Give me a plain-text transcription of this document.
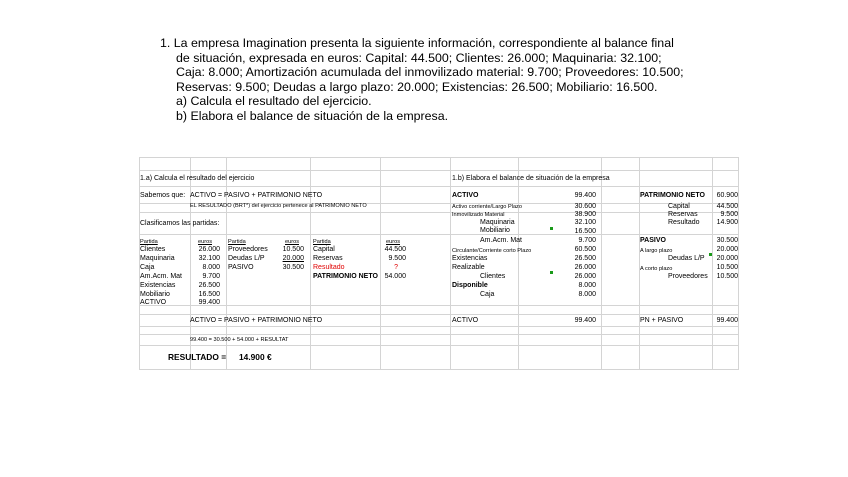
1. La empresa Imagination presenta la siguiente información, correspondiente al balance final
de situación, expresada en euros: Capital: 44.500; Clientes: 26.000; Maquinaria: 32.100;
Caja: 8.000; Amortización acumulada del inmovilizado material: 9.700; Proveedores: 10.500;
Reservas: 9.500; Deudas a largo plazo: 20.000; Existencias: 26.500; Mobiliario: 16.500.
a) Calcula el resultado del ejercicio.
b) Elabora el balance de situación de la empresa.
1.a) Calcula el resultado del ejercicio
Sabemos que: ACTIVO = PASIVO + PATRIMONIO NETO
EL RESULTADO (BRT*) del ejercicio pertenece al PATRIMONIO NETO
Clasificamos las partidas:
Partida	euros
Clientes	26.000
Maquinaria	32.100
Caja	8.000
Am.Acm. Mat	9.700
Existencias	26.500
Mobiliario	16.500
ACTIVO	99.400
Partida	euros
Proveedores	10.500
Deudas L/P	20.000
PASIVO	30.500
Partida	euros
Capital	44.500
Reservas	9.500
Resultado	?
PATRIMONIO NETO 54.000
ACTIVO = PASIVO + PATRIMONIO NETO
99.400 = 30.500 + 54.000 + RESULTAT
RESULTADO = 14.900 €
1.b) Elabora el balance de situación de la empresa
ACTIVO	99.400	PATRIMONIO NETO	60.900
Activo corriente/Largo Plazo	30.600
Inmovilizado Material	38.900
Maquinaria	32.100
Mobiliario	16.500
Am.Acm. Mat	9.700
Circulante/Corriente corto Plazo	60.500
Existencias	26.500
Realizable	26.000
Clientes	26.000
Disponible	8.000
Caja	8.000
Capital	44.500
Reservas	9.500
Resultado	14.900
PASIVO	30.500
A largo plazo	20.000
Deudas L/P	20.000
A corto plazo	10.500
Proveedores	10.500
ACTIVO	99.400	PN + PASIVO	99.400
